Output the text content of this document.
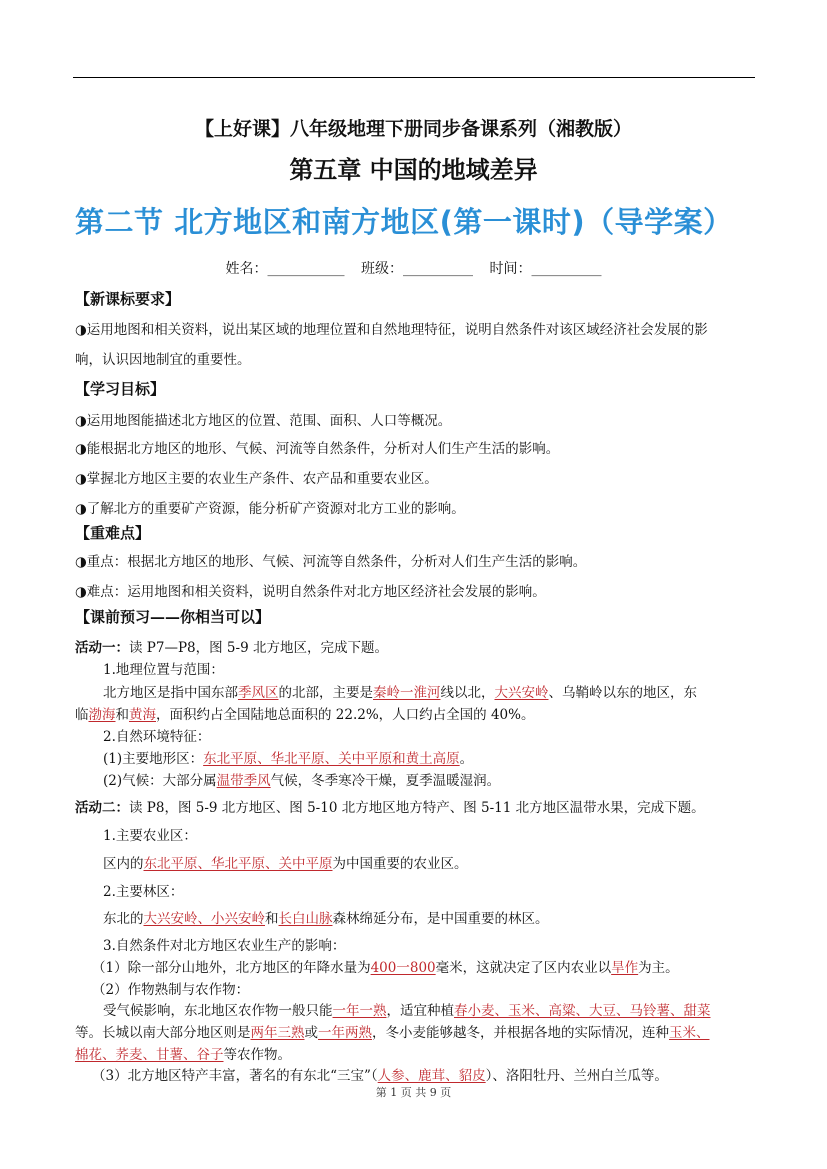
【上好课】八年级地理下册同步备课系列（湘教版）
第五章 中国的地域差异
第二节 北方地区和南方地区(第一课时)（导学案）
姓名：___________ 班级：__________ 时间：__________
【新课标要求】
◑运用地图和相关资料，说出某区域的地理位置和自然地理特征，说明自然条件对该区域经济社会发展的影
响，认识因地制宜的重要性。
【学习目标】
◑运用地图能描述北方地区的位置、范围、面积、人口等概况。
◑能根据北方地区的地形、气候、河流等自然条件，分析对人们生产生活的影响。
◑掌握北方地区主要的农业生产条件、农产品和重要农业区。
◑了解北方的重要矿产资源，能分析矿产资源对北方工业的影响。
【重难点】
◑重点：根据北方地区的地形、气候、河流等自然条件，分析对人们生产生活的影响。
◑难点：运用地图和相关资料，说明自然条件对北方地区经济社会发展的影响。
【课前预习——你相当可以】
活动一：读 P7—P8，图 5-9 北方地区，完成下题。
1.地理位置与范围：
北方地区是指中国东部季风区的北部，主要是秦岭一淮河线以北，大兴安岭、乌鞘岭以东的地区，东
临渤海和黄海，面积约占全国陆地总面积的 22.2%，人口约占全国的 40%。
2.自然环境特征：
(1)主要地形区：东北平原、华北平原、关中平原和黄土高原。
(2)气候：大部分属温带季风气候，冬季寒冷干燥，夏季温暖湿润。
活动二：读 P8，图 5-9 北方地区、图 5-10 北方地区地方特产、图 5-11 北方地区温带水果，完成下题。
1.主要农业区：
区内的东北平原、华北平原、关中平原为中国重要的农业区。
2.主要林区：
东北的大兴安岭、小兴安岭和长白山脉森林绵延分布，是中国重要的林区。
3.自然条件对北方地区农业生产的影响：
（1）除一部分山地外，北方地区的年降水量为400一800毫米，这就决定了区内农业以旱作为主。
（2）作物熟制与农作物：
受气候影响，东北地区农作物一般只能一年一熟，适宜种植春小麦、玉米、高粱、大豆、马铃薯、甜菜
等。长城以南大部分地区则是两年三熟或一年两熟，冬小麦能够越冬，并根据各地的实际情况，连种玉米、
棉花、荞麦、甘薯、谷子等农作物。
（3）北方地区特产丰富，著名的有东北“三宝”（人参、鹿茸、貂皮）、洛阳牡丹、兰州白兰瓜等。
第 1 页 共 9 页
